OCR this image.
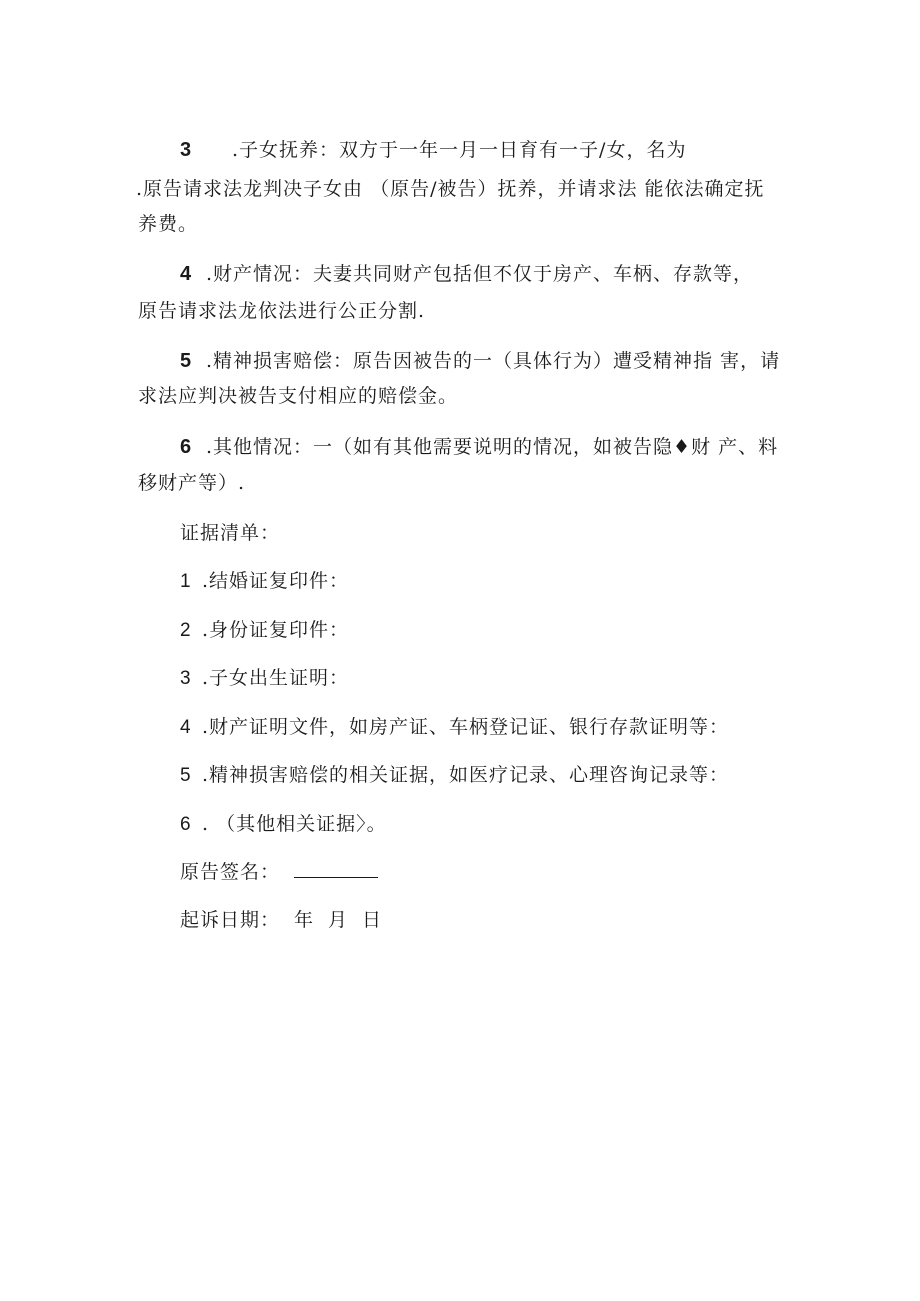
3 .子女抚养：双方于一年一月一日育有一子/女，名为
.原告请求法龙判决子女由 （原告/被告）抚养，并请求法 能依法确定抚
养费。
4 .财产情况：夫妻共同财产包括但不仅于房产、车柄、存款等，
原告请求法龙依法进行公正分割.
5 .精神损害赔偿：原告因被告的一（具体行为）遭受精神指 害，请
求法应判决被告支付相应的赔偿金。
6 .其他情况：一（如有其他需要说明的情况，如被告隐♦财 产、料
移财产等）.
证据清单：
1 .结婚证复印件：
2 .身份证复印件：
3 .子女出生证明：
4 .财产证明文件，如房产证、车柄登记证、银行存款证明等：
5 .精神损害赔偿的相关证据，如医疗记录、心理咨询记录等：
6 . （其他相关证据〉。
原告签名：
起诉日期： 年 月 日
